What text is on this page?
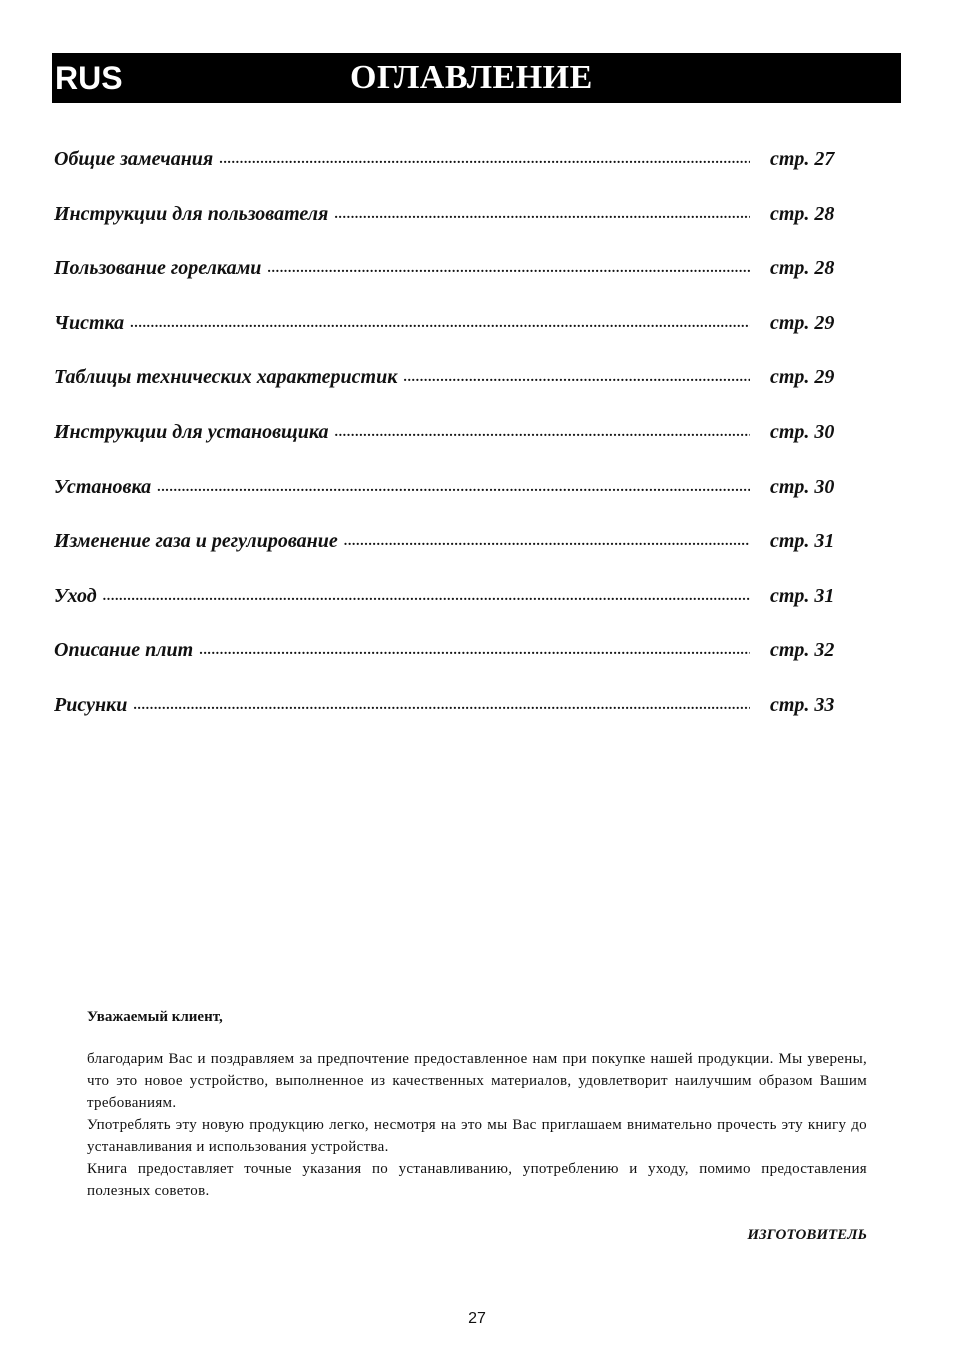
RUS	ОГЛАВЛЕНИЕ
Общие замечания .....	стр. 27
Инструкции для пользователя .....	стр. 28
Пользование горелками .....	стр. 28
Чистка .....	стр. 29
Таблицы технических характеристик .....	стр. 29
Инструкции для установщика .....	стр. 30
Установка .....	стр. 30
Изменение газа и регулирование .....	стр. 31
Уход .....	стр. 31
Описание плит .....	стр. 32
Рисунки .....	стр. 33

Уважаемый клиент,

благодарим Вас и поздравляем за предпочтение предоставленное нам при покупке нашей продукции. Мы уверены, что это новое устройство, выполненное из качественных материалов, удовлетворит наилучшим образом Вашим требованиям.

Употреблять эту новую продукцию легко, несмотря на это мы Вас приглашаем внимательно прочесть эту книгу до устанавливания и использования устройства.

Книга предоставляет точные указания по устанавливанию, употреблению и уходу, помимо предоставления полезных советов.

ИЗГОТОВИТЕЛЬ
27
